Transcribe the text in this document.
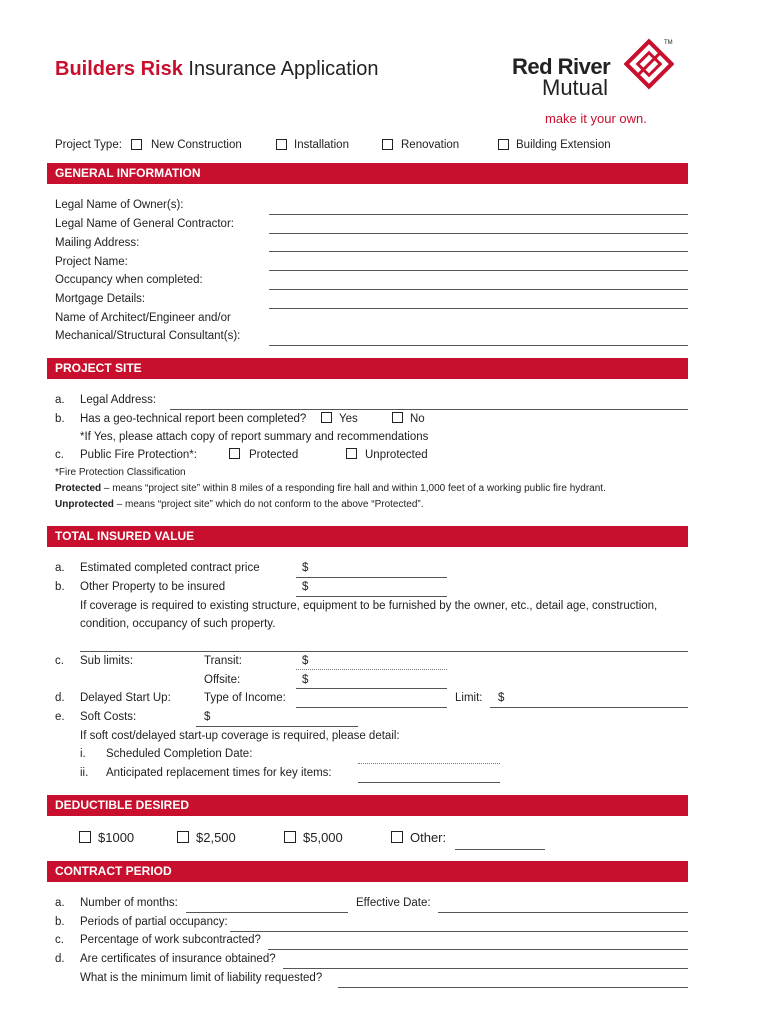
Builders Risk Insurance Application	Red River
Mutual
TM
make it your own.
Project Type:	New Construction	Installation	Renovation	Building Extension
GENERAL INFORMATION
Legal Name of Owner(s):
Legal Name of General Contractor:
Mailing Address:
Project Name:
Occupancy when completed:
Mortgage Details:
Name of Architect/Engineer and/or
Mechanical/Structural Consultant(s):
PROJECT SITE
a. Legal Address:
b. Has a geo-technical report been completed?	Yes	No
*If Yes, please attach copy of report summary and recommendations
c. Public Fire Protection*:	Protected	Unprotected
*Fire Protection Classification
Protected – means “project site” within 8 miles of a responding fire hall and within 1,000 feet of a working public fire hydrant.
Unprotected – means “project site” which do not conform to the above “Protected”.
TOTAL INSURED VALUE
a. Estimated completed contract price	$
b. Other Property to be insured	$
If coverage is required to existing structure, equipment to be furnished by the owner, etc., detail age, construction,
condition, occupancy of such property.
c. Sub limits:	Transit:	$
Offsite:	$
d. Delayed Start Up:	Type of Income:	Limit: $
e. Soft Costs:	$
If soft cost/delayed start-up coverage is required, please detail:
i. Scheduled Completion Date:
ii. Anticipated replacement times for key items:
DEDUCTIBLE DESIRED
$1000	$2,500	$5,000	Other:
CONTRACT PERIOD
a. Number of months:	Effective Date:
b. Periods of partial occupancy:
c. Percentage of work subcontracted?
d. Are certificates of insurance obtained?
What is the minimum limit of liability requested?
